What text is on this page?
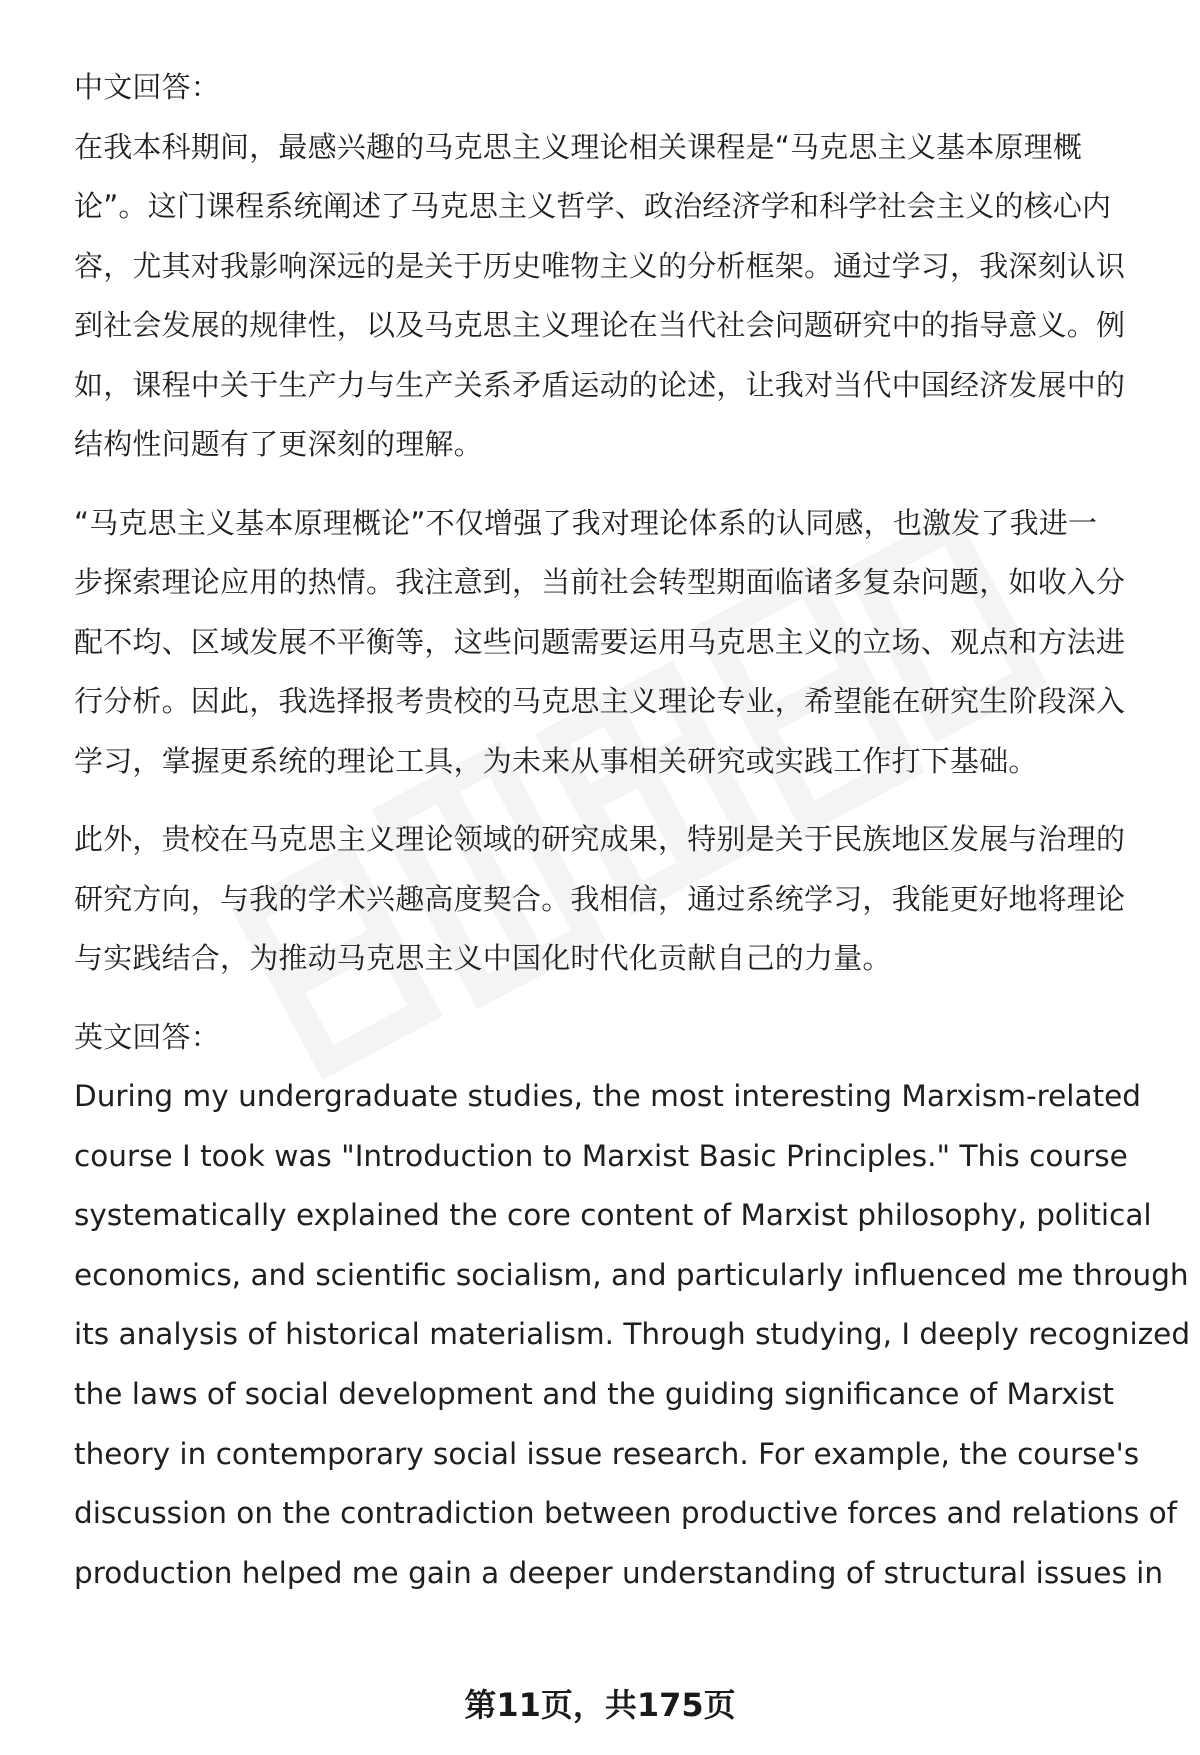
中文回答：

在我本科期间，最感兴趣的马克思主义理论相关课程是“马克思主义基本原理概

论”。这门课程系统阐述了马克思主义哲学、政治经济学和科学社会主义的核心内

容，尤其对我影响深远的是关于历史唯物主义的分析框架。通过学习，我深刻认识

到社会发展的规律性，以及马克思主义理论在当代社会问题研究中的指导意义。例

如，课程中关于生产力与生产关系矛盾运动的论述，让我对当代中国经济发展中的

结构性问题有了更深刻的理解。

“马克思主义基本原理概论”不仅增强了我对理论体系的认同感，也激发了我进一

步探索理论应用的热情。我注意到，当前社会转型期面临诸多复杂问题，如收入分

配不均、区域发展不平衡等，这些问题需要运用马克思主义的立场、观点和方法进

行分析。因此，我选择报考贵校的马克思主义理论专业，希望能在研究生阶段深入

学习，掌握更系统的理论工具，为未来从事相关研究或实践工作打下基础。

此外，贵校在马克思主义理论领域的研究成果，特别是关于民族地区发展与治理的

研究方向，与我的学术兴趣高度契合。我相信，通过系统学习，我能更好地将理论

与实践结合，为推动马克思主义中国化时代化贡献自己的力量。

英文回答：

During my undergraduate studies, the most interesting Marxism-related

course I took was "Introduction to Marxist Basic Principles." This course

systematically explained the core content of Marxist philosophy, political

economics, and scientific socialism, and particularly influenced me through

its analysis of historical materialism. Through studying, I deeply recognized

the laws of social development and the guiding significance of Marxist

theory in contemporary social issue research. For example, the course's

discussion on the contradiction between productive forces and relations of

production helped me gain a deeper understanding of structural issues in

第11页，共175页
